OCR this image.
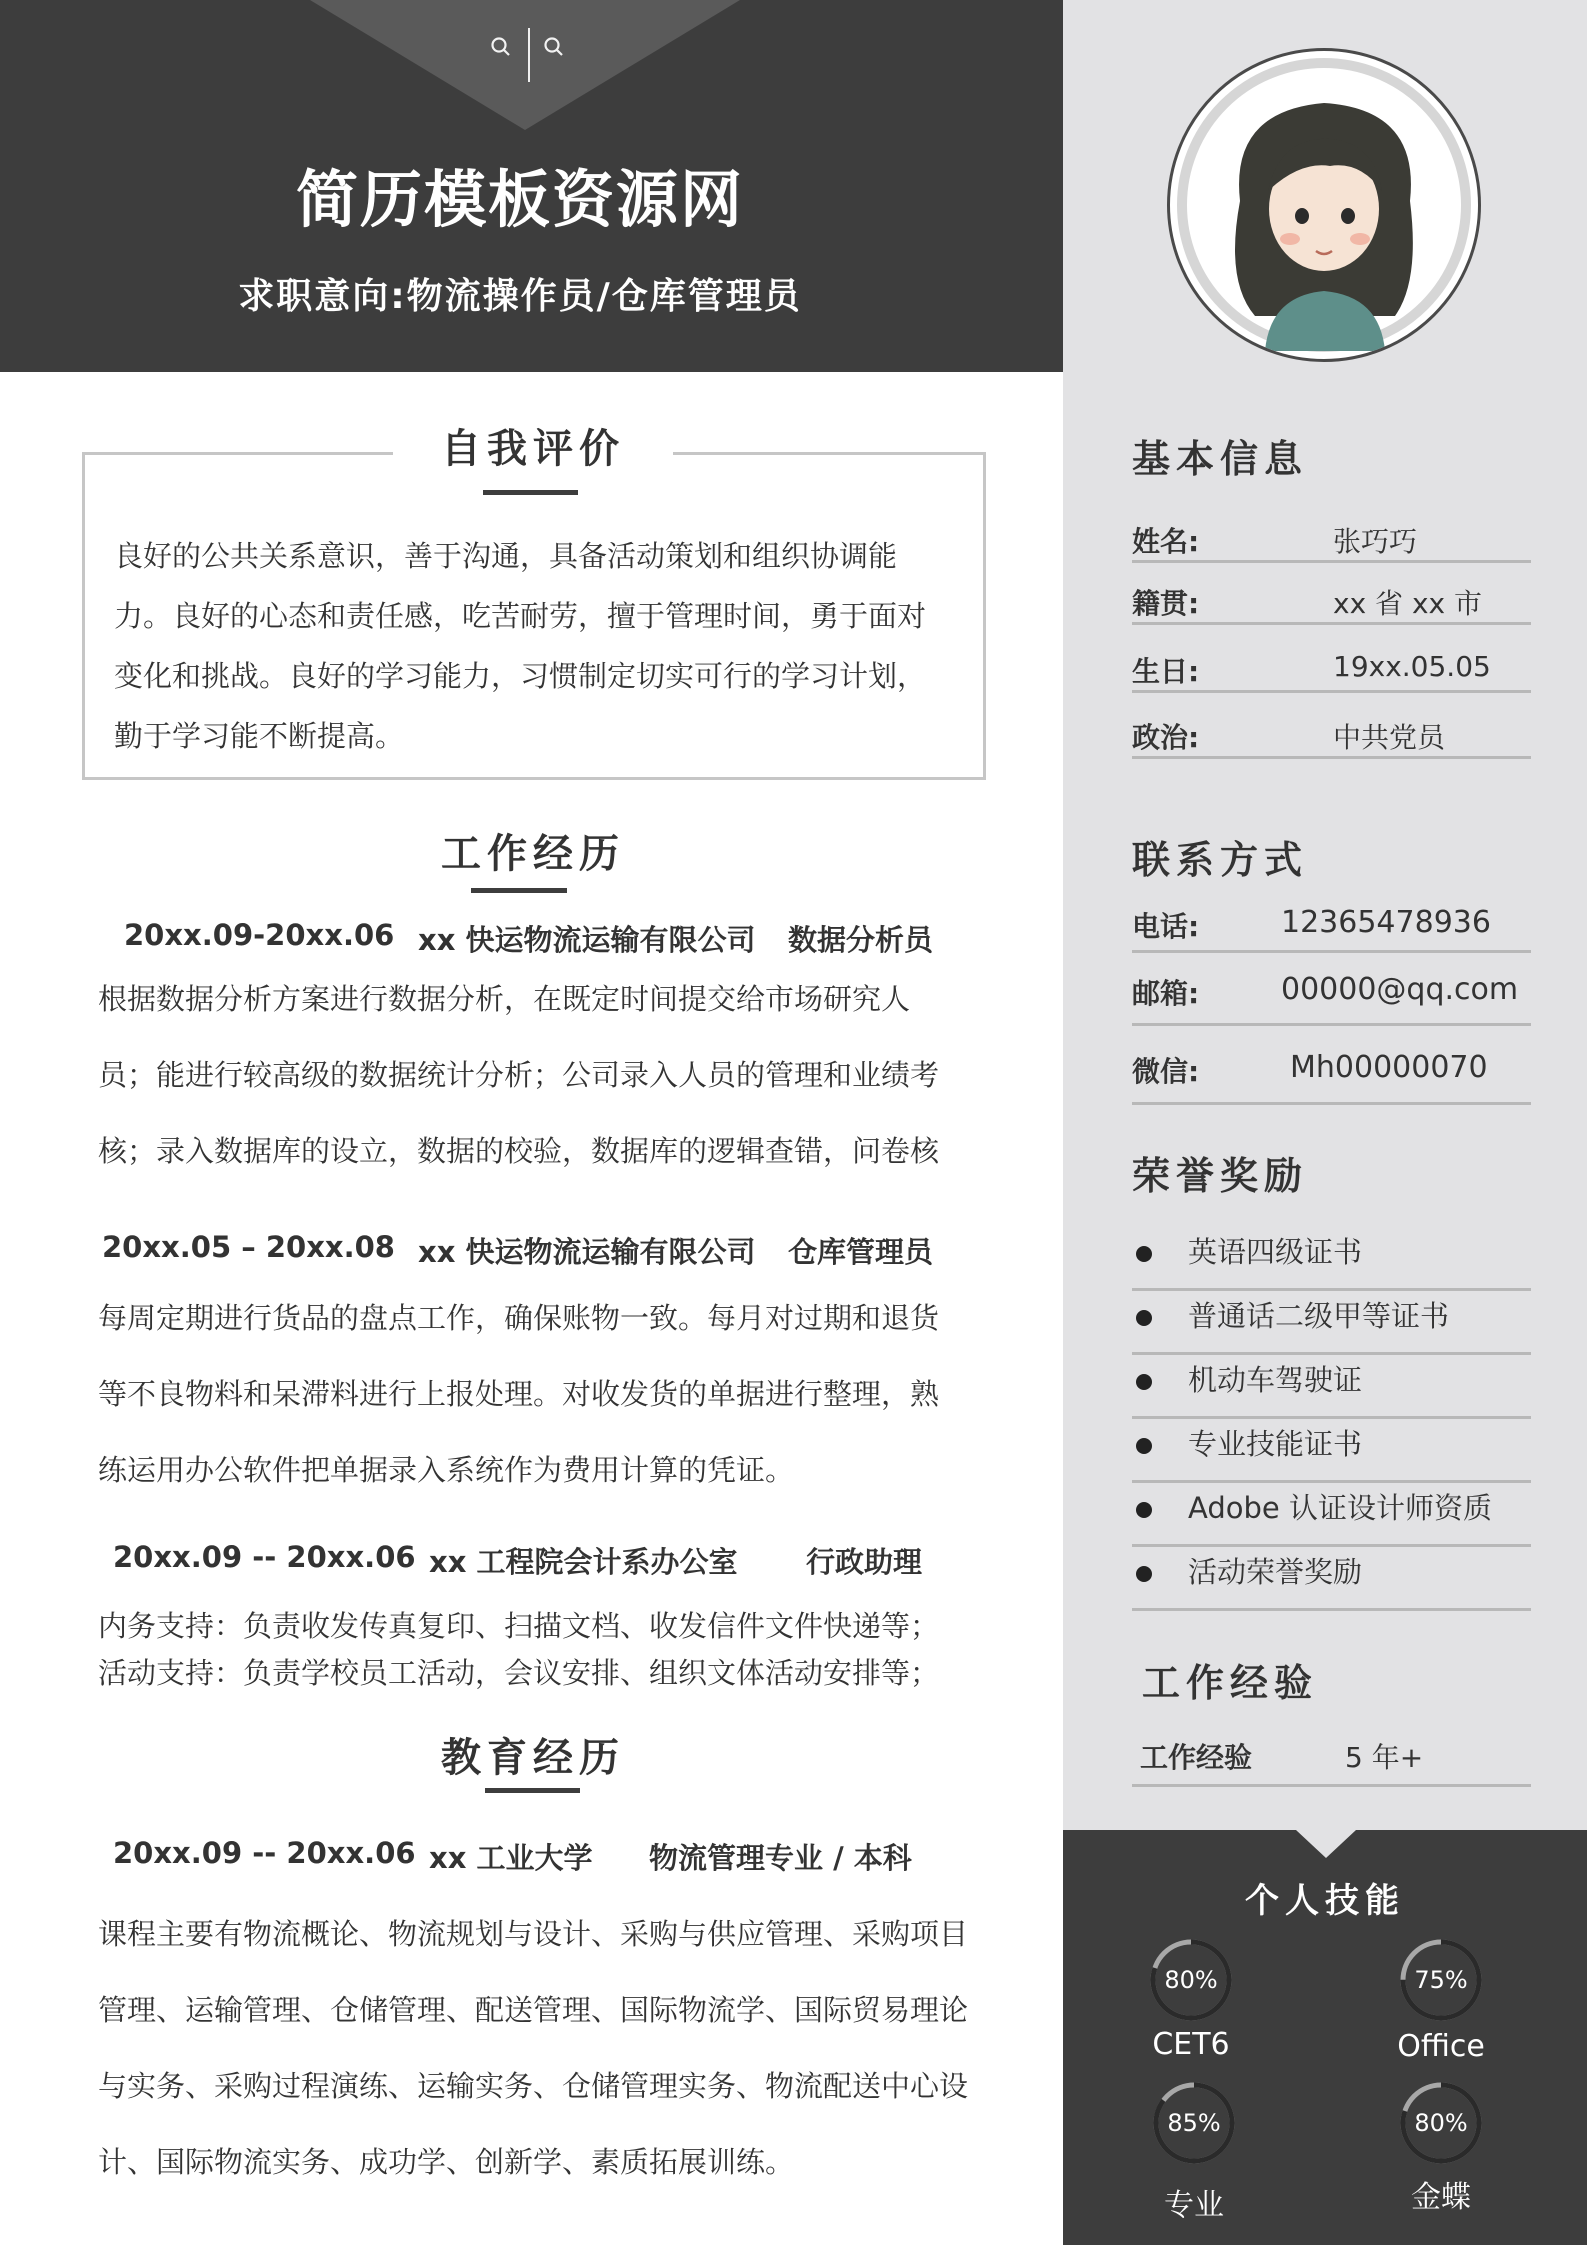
简历模板资源网
求职意向:物流操作员/仓库管理员
基本信息
姓名:	张巧巧
籍贯:	xx 省 xx 市
生日:	19xx.05.05
政治:	中共党员
联系方式
电话:	12365478936
邮箱:	00000@qq.com
微信:	Mh00000070
荣誉奖励
英语四级证书
普通话二级甲等证书
机动车驾驶证
专业技能证书
Adobe 认证设计师资质
活动荣誉奖励
工作经验
工作经验	5 年+
个人技能
80%
CET6
75%
Office
85%
专业
80%
金蝶
自我评价
良好的公共关系意识，善于沟通，具备活动策划和组织协调能
力。良好的心态和责任感，吃苦耐劳，擅于管理时间，勇于面对
变化和挑战。良好的学习能力，习惯制定切实可行的学习计划，
勤于学习能不断提高。
工作经历
20xx.09-20xx.06 xx 快运物流运输有限公司 数据分析员
根据数据分析方案进行数据分析，在既定时间提交给市场研究人
员；能进行较高级的数据统计分析；公司录入人员的管理和业绩考
核；录入数据库的设立，数据的校验，数据库的逻辑查错，问卷核
20xx.05 – 20xx.08 xx 快运物流运输有限公司 仓库管理员
每周定期进行货品的盘点工作，确保账物一致。每月对过期和退货
等不良物料和呆滞料进行上报处理。对收发货的单据进行整理，熟
练运用办公软件把单据录入系统作为费用计算的凭证。
20xx.09 -- 20xx.06 xx 工程院会计系办公室 行政助理
内务支持：负责收发传真复印、扫描文档、收发信件文件快递等；
活动支持：负责学校员工活动，会议安排、组织文体活动安排等；
教育经历
20xx.09 -- 20xx.06 xx 工业大学 物流管理专业 / 本科
课程主要有物流概论、物流规划与设计、采购与供应管理、采购项目
管理、运输管理、仓储管理、配送管理、国际物流学、国际贸易理论
与实务、采购过程演练、运输实务、仓储管理实务、物流配送中心设
计、国际物流实务、成功学、创新学、素质拓展训练。
